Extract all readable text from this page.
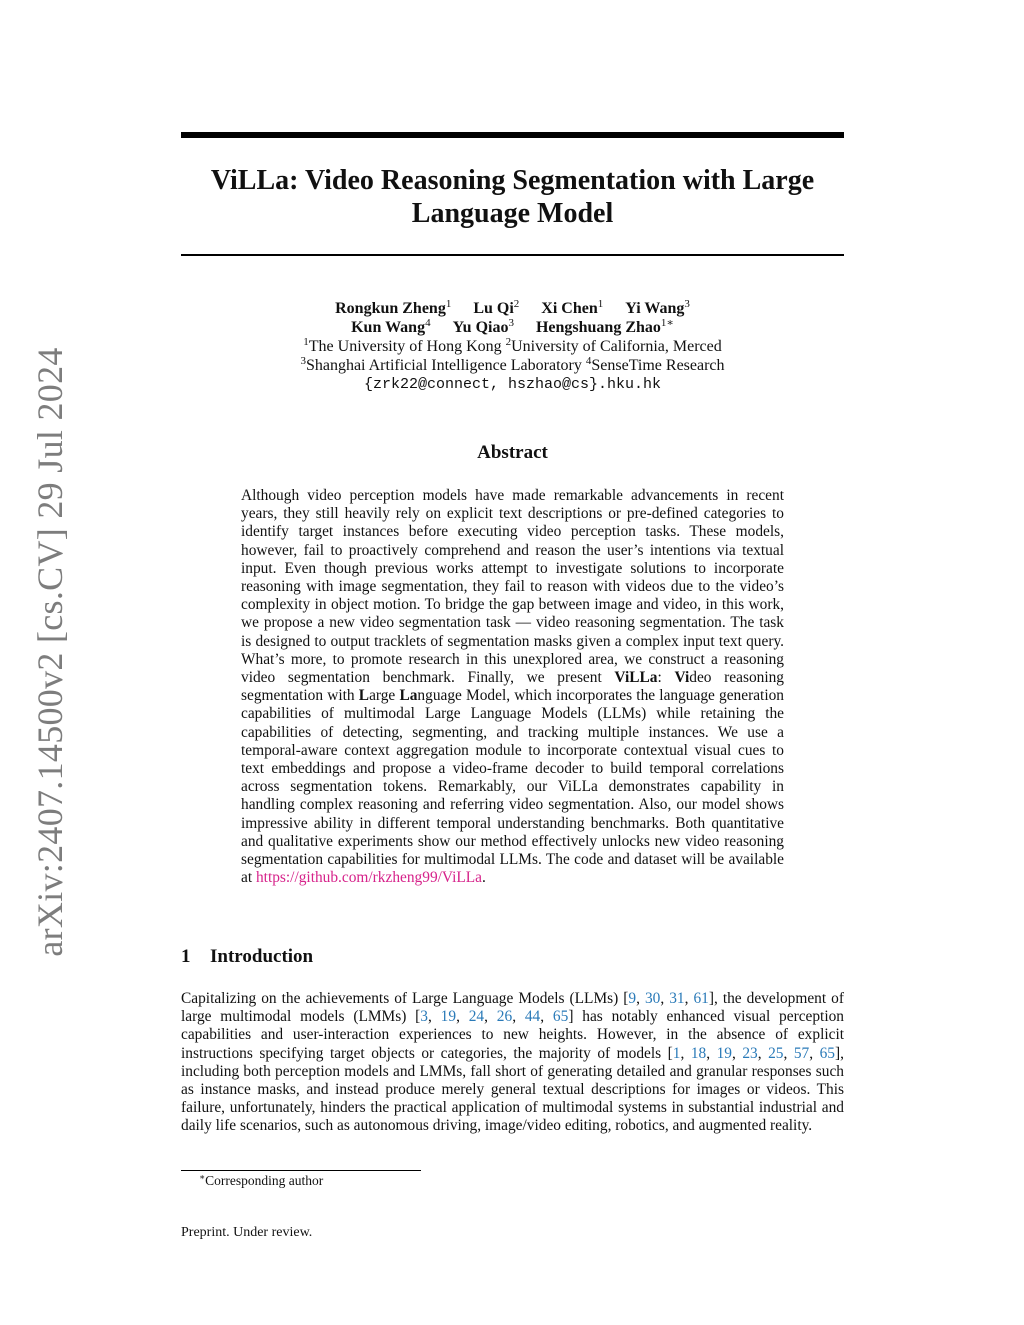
arXiv:2407.14500v2 [cs.CV] 29 Jul 2024
ViLLa: Video Reasoning Segmentation with Large Language Model
Rongkun Zheng$^1$ Lu Qi$^2$ Xi Chen$^1$ Yi Wang$^3$
Kun Wang$^4$ Yu Qiao$^3$ Hengshuang Zhao$^{1∗}$
$^1$The University of Hong Kong $^2$University of California, Merced
$^3$Shanghai Artificial Intelligence Laboratory $^4$SenseTime Research
{zrk22@connect, hszhao@cs}.hku.hk
Abstract
Although video perception models have made remarkable advancements in recent years, they still heavily rely on explicit text descriptions or pre-defined categories to identify target instances before executing video perception tasks. These models, however, fail to proactively comprehend and reason the user’s intentions via textual input. Even though previous works attempt to investigate solutions to incorporate reasoning with image segmentation, they fail to reason with videos due to the video’s complexity in object motion. To bridge the gap between image and video, in this work, we propose a new video segmentation task — video reasoning segmentation. The task is designed to output tracklets of segmentation masks given a complex input text query. What’s more, to promote research in this unexplored area, we construct a reasoning video segmentation benchmark. Finally, we present ViLLa: Video reasoning segmentation with Large Language Model, which incorporates the language generation capabilities of multimodal Large Language Models (LLMs) while retaining the capabilities of detecting, segmenting, and tracking multiple instances. We use a temporal-aware context aggregation module to incorporate contextual visual cues to text embeddings and propose a video-frame decoder to build temporal correlations across segmentation tokens. Remarkably, our ViLLa demonstrates capability in handling complex reasoning and referring video segmentation. Also, our model shows impressive ability in different temporal understanding benchmarks. Both quantitative and qualitative experiments show our method effectively unlocks new video reasoning segmentation capabilities for multimodal LLMs. The code and dataset will be available at https://github.com/rkzheng99/ViLLa.
1 Introduction
Capitalizing on the achievements of Large Language Models (LLMs) [9, 30, 31, 61], the development of large multimodal models (LMMs) [3, 19, 24, 26, 44, 65] has notably enhanced visual perception capabilities and user-interaction experiences to new heights. However, in the absence of explicit instructions specifying target objects or categories, the majority of models [1, 18, 19, 23, 25, 57, 65], including both perception models and LMMs, fall short of generating detailed and granular responses such as instance masks, and instead produce merely general textual descriptions for images or videos. This failure, unfortunately, hinders the practical application of multimodal systems in substantial industrial and daily life scenarios, such as autonomous driving, image/video editing, robotics, and augmented reality.
∗Corresponding author
Preprint. Under review.
